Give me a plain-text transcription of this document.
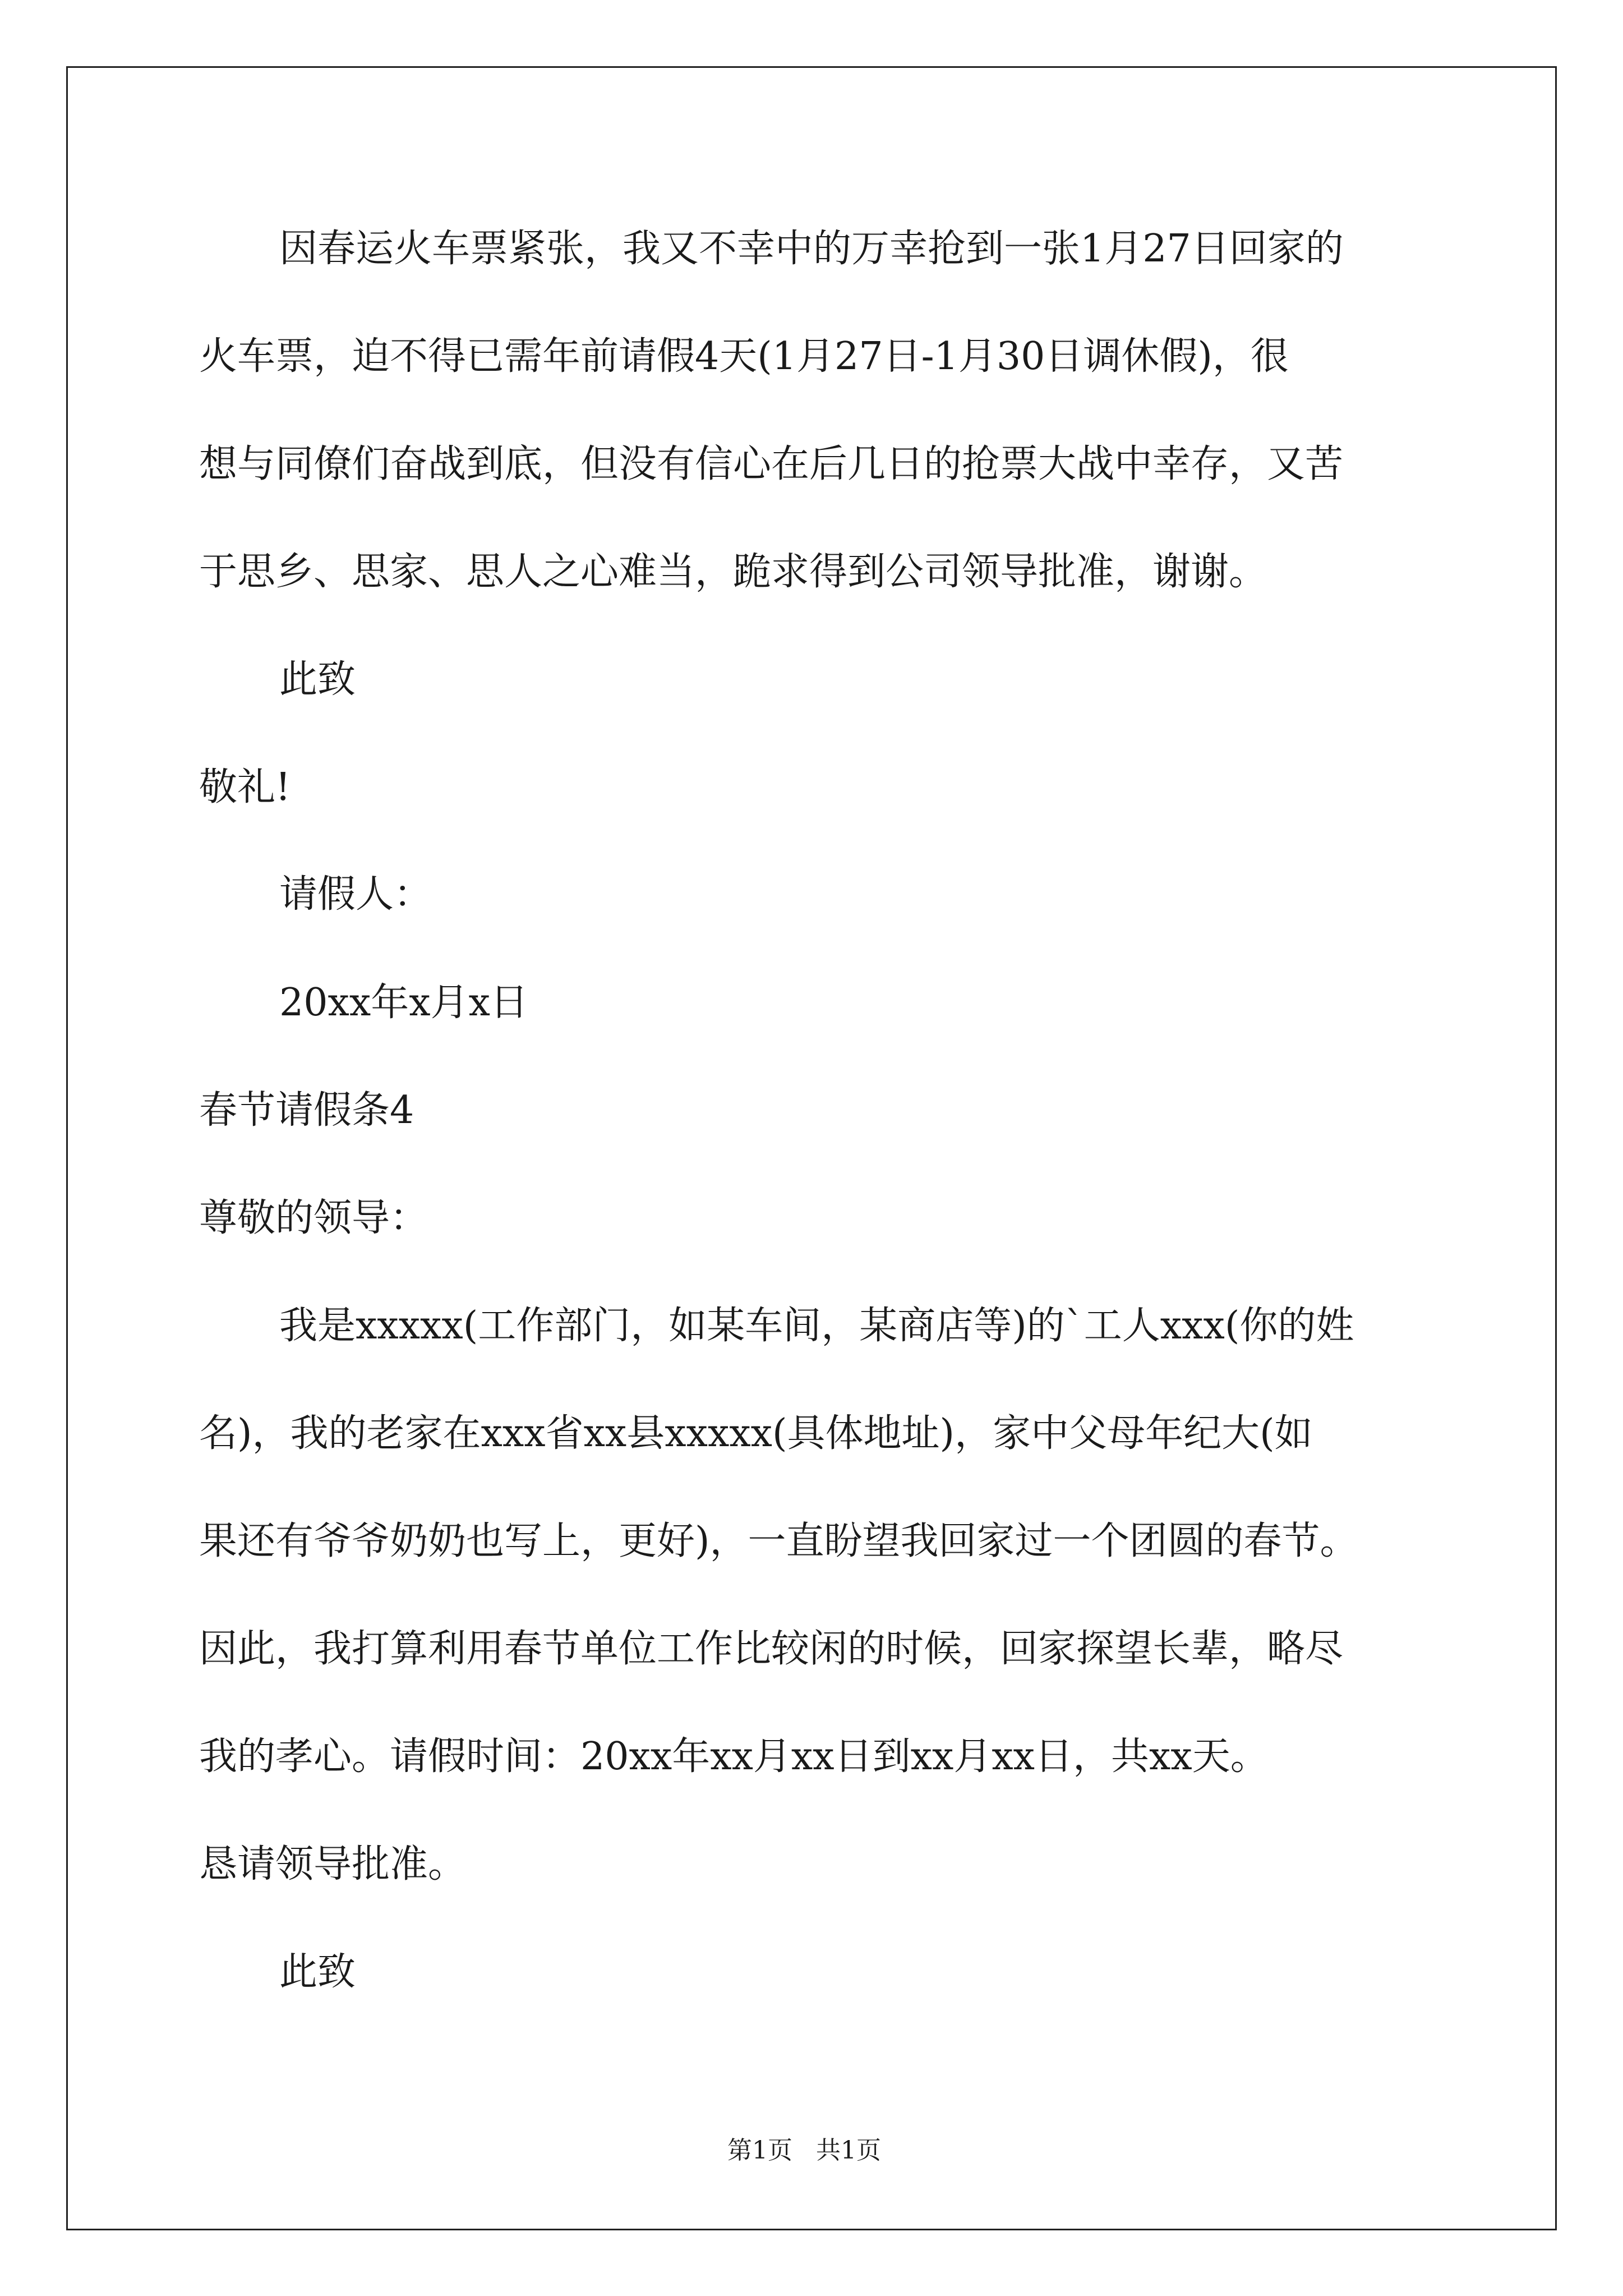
因春运火车票紧张，我又不幸中的万幸抢到一张1月27日回家的
火车票，迫不得已需年前请假4天(1月27日-1月30日调休假)，很
想与同僚们奋战到底，但没有信心在后几日的抢票大战中幸存，又苦
于思乡、思家、思人之心难当，跪求得到公司领导批准，谢谢。
此致
敬礼!
请假人：
20xx年x月x日
春节请假条4
尊敬的领导：
我是xxxxx(工作部门，如某车间，某商店等)的`工人xxx(你的姓
名)，我的老家在xxx省xx县xxxxx(具体地址)，家中父母年纪大(如
果还有爷爷奶奶也写上，更好)，一直盼望我回家过一个团圆的春节。
因此，我打算利用春节单位工作比较闲的时候，回家探望长辈，略尽
我的孝心。请假时间：20xx年xx月xx日到xx月xx日，共xx天。
恳请领导批准。
此致
第1页 共1页
